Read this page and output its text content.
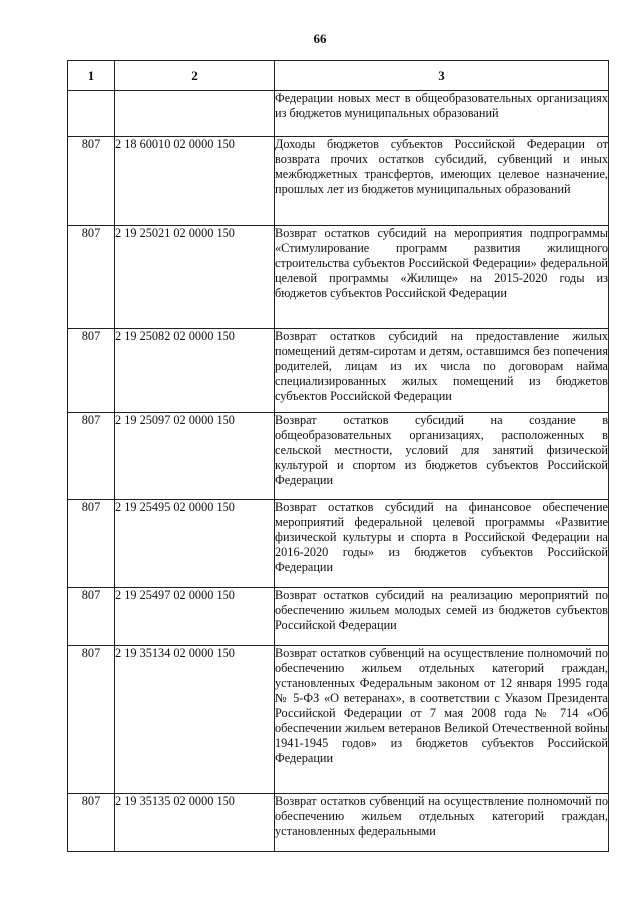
66
1	2	3

		Федерации новых мест в общеобразовательных организациях из бюджетов муниципальных образований

807	2 18 60010 02 0000 150	Доходы бюджетов субъектов Российской Федерации от возврата прочих остатков субсидий, субвенций и иных межбюджетных трансфертов, имеющих целевое назначение, прошлых лет из бюджетов муниципальных образований

807	2 19 25021 02 0000 150	Возврат остатков субсидий на мероприятия подпрограммы «Стимулирование программ развития жилищного строительства субъектов Российской Федерации» федеральной целевой программы «Жилище» на 2015-2020 годы из бюджетов субъектов Российской Федерации

807	2 19 25082 02 0000 150	Возврат остатков субсидий на предоставление жилых помещений детям-сиротам и детям, оставшимся без попечения родителей, лицам из их числа по договорам найма специализированных жилых помещений из бюджетов субъектов Российской Федерации

807	2 19 25097 02 0000 150	Возврат остатков субсидий на создание в общеобразовательных организациях, расположенных в сельской местности, условий для занятий физической культурой и спортом из бюджетов субъектов Российской Федерации

807	2 19 25495 02 0000 150	Возврат остатков субсидий на финансовое обеспечение мероприятий федеральной целевой программы «Развитие физической культуры и спорта в Российской Федерации на 2016-2020 годы» из бюджетов субъектов Российской Федерации

807	2 19 25497 02 0000 150	Возврат остатков субсидий на реализацию мероприятий по обеспечению жильем молодых семей из бюджетов субъектов Российской Федерации

807	2 19 35134 02 0000 150	Возврат остатков субвенций на осуществление полномочий по обеспечению жильем отдельных категорий граждан, установленных Федеральным законом от 12 января 1995 года № 5-ФЗ «О ветеранах», в соответствии с Указом Президента Российской Федерации от 7 мая 2008 года № 714 «Об обеспечении жильем ветеранов Великой Отечественной войны 1941-1945 годов» из бюджетов субъектов Российской Федерации

807	2 19 35135 02 0000 150	Возврат остатков субвенций на осуществление полномочий по обеспечению жильем отдельных категорий граждан, установленных федеральными
